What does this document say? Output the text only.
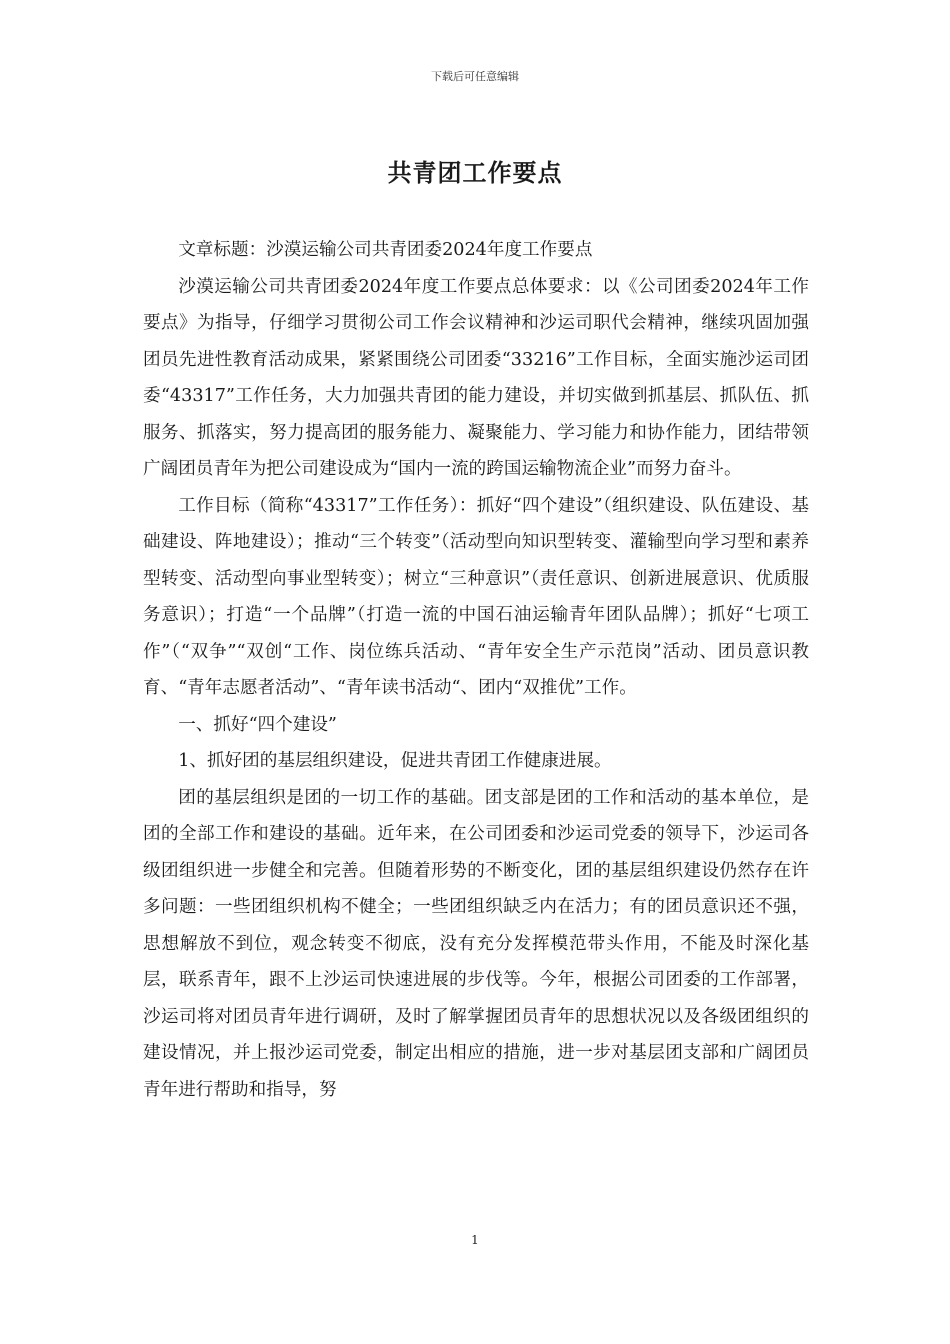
下载后可任意编辑
共青团工作要点

文章标题：沙漠运输公司共青团委2024年度工作要点

沙漠运输公司共青团委2024年度工作要点总体要求：以《公司团委2024年工作要点》为指导，仔细学习贯彻公司工作会议精神和沙运司职代会精神，继续巩固加强团员先进性教育活动成果，紧紧围绕公司团委“33216”工作目标，全面实施沙运司团委“43317”工作任务，大力加强共青团的能力建设，并切实做到抓基层、抓队伍、抓服务、抓落实，努力提高团的服务能力、凝聚能力、学习能力和协作能力，团结带领广阔团员青年为把公司建设成为“国内一流的跨国运输物流企业”而努力奋斗。

工作目标（简称“43317”工作任务）：抓好“四个建设”（组织建设、队伍建设、基础建设、阵地建设）；推动“三个转变”（活动型向知识型转变、灌输型向学习型和素养型转变、活动型向事业型转变）；树立“三种意识”（责任意识、创新进展意识、优质服务意识）；打造“一个品牌”（打造一流的中国石油运输青年团队品牌）；抓好“七项工作”（“双争”“双创“工作、岗位练兵活动、“青年安全生产示范岗”活动、团员意识教育、“青年志愿者活动”、“青年读书活动“、团内“双推优”工作。

一、抓好“四个建设”

1、抓好团的基层组织建设，促进共青团工作健康进展。

团的基层组织是团的一切工作的基础。团支部是团的工作和活动的基本单位，是团的全部工作和建设的基础。近年来，在公司团委和沙运司党委的领导下，沙运司各级团组织进一步健全和完善。但随着形势的不断变化，团的基层组织建设仍然存在许多问题：一些团组织机构不健全；一些团组织缺乏内在活力；有的团员意识还不强，思想解放不到位，观念转变不彻底，没有充分发挥模范带头作用，不能及时深化基层，联系青年，跟不上沙运司快速进展的步伐等。今年，根据公司团委的工作部署，沙运司将对团员青年进行调研，及时了解掌握团员青年的思想状况以及各级团组织的建设情况，并上报沙运司党委，制定出相应的措施，进一步对基层团支部和广阔团员青年进行帮助和指导，努

1
